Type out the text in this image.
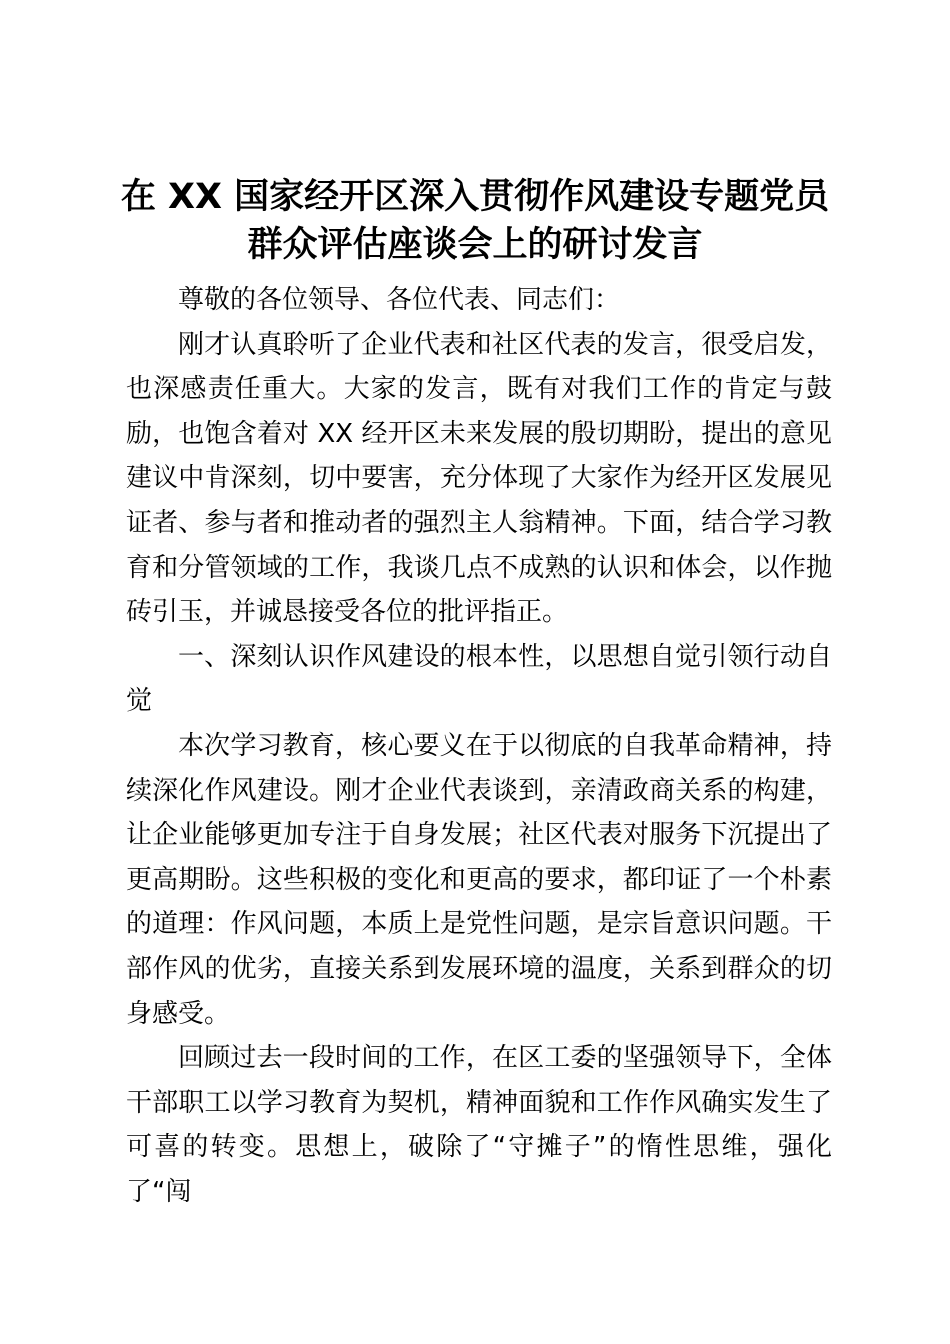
在 XX 国家经开区深入贯彻作风建设专题党员
群众评估座谈会上的研讨发言

尊敬的各位领导、各位代表、同志们：

刚才认真聆听了企业代表和社区代表的发言，很受启发，也深感责任重大。大家的发言，既有对我们工作的肯定与鼓励，也饱含着对 XX 经开区未来发展的殷切期盼，提出的意见建议中肯深刻，切中要害，充分体现了大家作为经开区发展见证者、参与者和推动者的强烈主人翁精神。下面，结合学习教育和分管领域的工作，我谈几点不成熟的认识和体会，以作抛砖引玉，并诚恳接受各位的批评指正。

一、深刻认识作风建设的根本性，以思想自觉引领行动自觉

本次学习教育，核心要义在于以彻底的自我革命精神，持续深化作风建设。刚才企业代表谈到，亲清政商关系的构建，让企业能够更加专注于自身发展；社区代表对服务下沉提出了更高期盼。这些积极的变化和更高的要求，都印证了一个朴素的道理：作风问题，本质上是党性问题，是宗旨意识问题。干部作风的优劣，直接关系到发展环境的温度，关系到群众的切身感受。

回顾过去一段时间的工作，在区工委的坚强领导下，全体干部职工以学习教育为契机，精神面貌和工作作风确实发生了可喜的转变。思想上，破除了“守摊子”的惰性思维，强化了“闯
